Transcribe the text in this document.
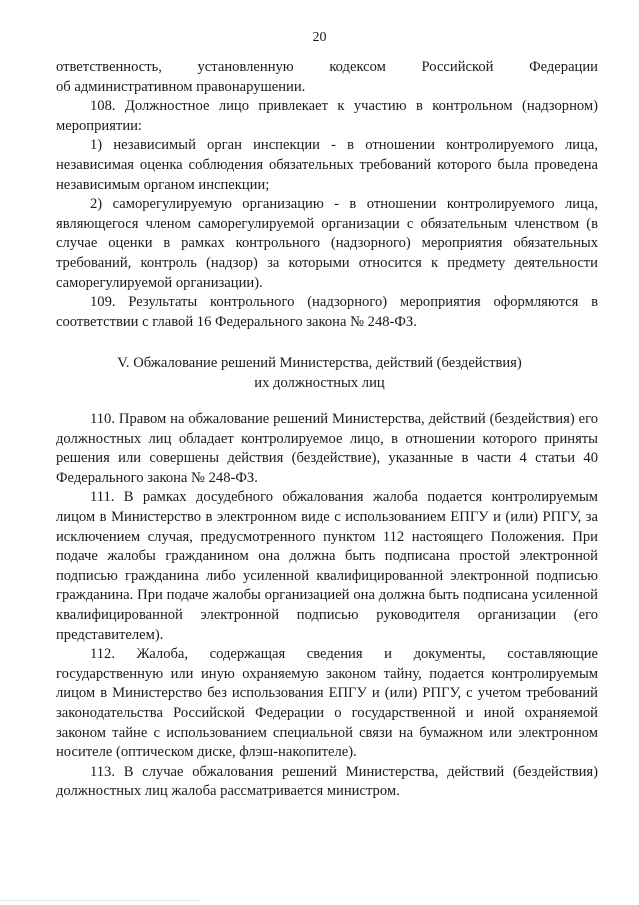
20

ответственность, установленную кодексом Российской Федерации

об административном правонарушении.

108. Должностное лицо привлекает к участию в контрольном (надзорном) мероприятии:

1) независимый орган инспекции - в отношении контролируемого лица, независимая оценка соблюдения обязательных требований которого была проведена независимым органом инспекции;

2) саморегулируемую организацию - в отношении контролируемого лица, являющегося членом саморегулируемой организации с обязательным членством (в случае оценки в рамках контрольного (надзорного) мероприятия обязательных требований, контроль (надзор) за которыми относится к предмету деятельности саморегулируемой организации).

109. Результаты контрольного (надзорного) мероприятия оформляются в соответствии с главой 16 Федерального закона № 248-ФЗ.

V. Обжалование решений Министерства, действий (бездействия)

их должностных лиц

110. Правом на обжалование решений Министерства, действий (бездействия) его должностных лиц обладает контролируемое лицо, в отношении которого приняты решения или совершены действия (бездействие), указанные в части 4 статьи 40 Федерального закона № 248-ФЗ.

111. В рамках досудебного обжалования жалоба подается контролируемым лицом в Министерство в электронном виде с использованием ЕПГУ и (или) РПГУ, за исключением случая, предусмотренного пунктом 112 настоящего Положения. При подаче жалобы гражданином она должна быть подписана простой электронной подписью гражданина либо усиленной квалифицированной электронной подписью гражданина. При подаче жалобы организацией она должна быть подписана усиленной квалифицированной электронной подписью руководителя организации (его представителем).

112. Жалоба, содержащая сведения и документы, составляющие государственную или иную охраняемую законом тайну, подается контролируемым лицом в Министерство без использования ЕПГУ и (или) РПГУ, с учетом требований законодательства Российской Федерации о государственной и иной охраняемой законом тайне с использованием специальной связи на бумажном или электронном носителе (оптическом диске, флэш-накопителе).

113. В случае обжалования решений Министерства, действий (бездействия) должностных лиц жалоба рассматривается министром.
